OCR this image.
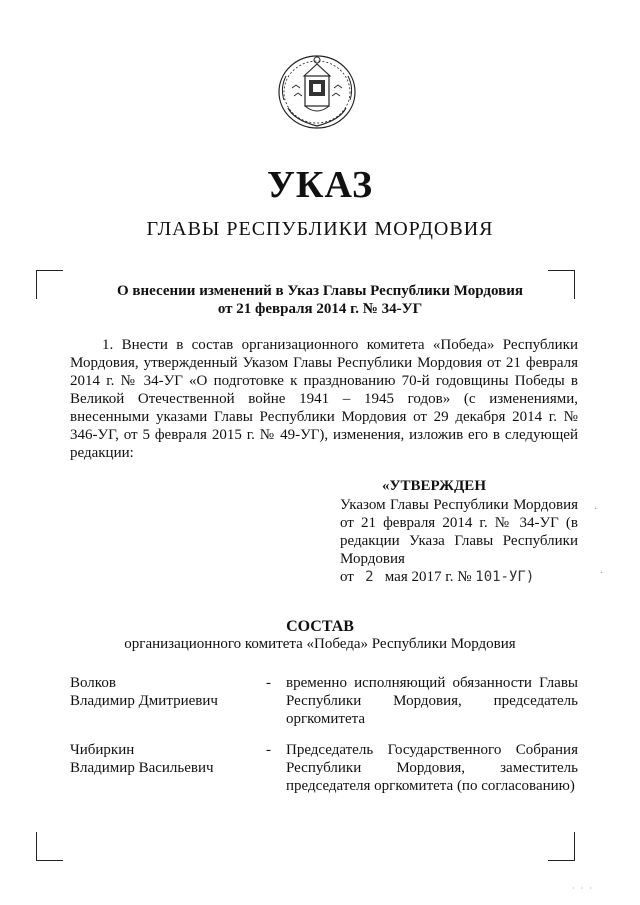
УКАЗ
ГЛАВЫ РЕСПУБЛИКИ МОРДОВИЯ
О внесении изменений в Указ Главы Республики Мордовия
от 21 февраля 2014 г. № 34-УГ
1. Внести в состав организационного комитета «Победа» Республики Мордовия, утвержденный Указом Главы Республики Мордовия от 21 февраля 2014 г. № 34-УГ «О подготовке к празднованию 70-й годовщины Победы в Великой Отечественной войне 1941 – 1945 годов» (с изменениями, внесенными указами Главы Республики Мордовия от 29 декабря 2014 г. № 346-УГ, от 5 февраля 2015 г. № 49-УГ), изменения, изложив его в следующей редакции:
«УТВЕРЖДЕН
Указом Главы Республики Мордовия от 21 февраля 2014 г. № 34-УГ (в редакции Указа Главы Республики Мордовия
от 2 мая 2017 г. № 101-УГ)
·
·
СОСТАВ
организационного комитета «Победа» Республики Мордовия
Волков
Владимир Дмитриевич
- временно исполняющий обязанности Главы Республики Мордовия, председатель оргкомитета
Чибиркин
Владимир Васильевич
- Председатель Государственного Собрания Республики Мордовия, заместитель председателя оргкомитета (по согласованию)
· · ·
